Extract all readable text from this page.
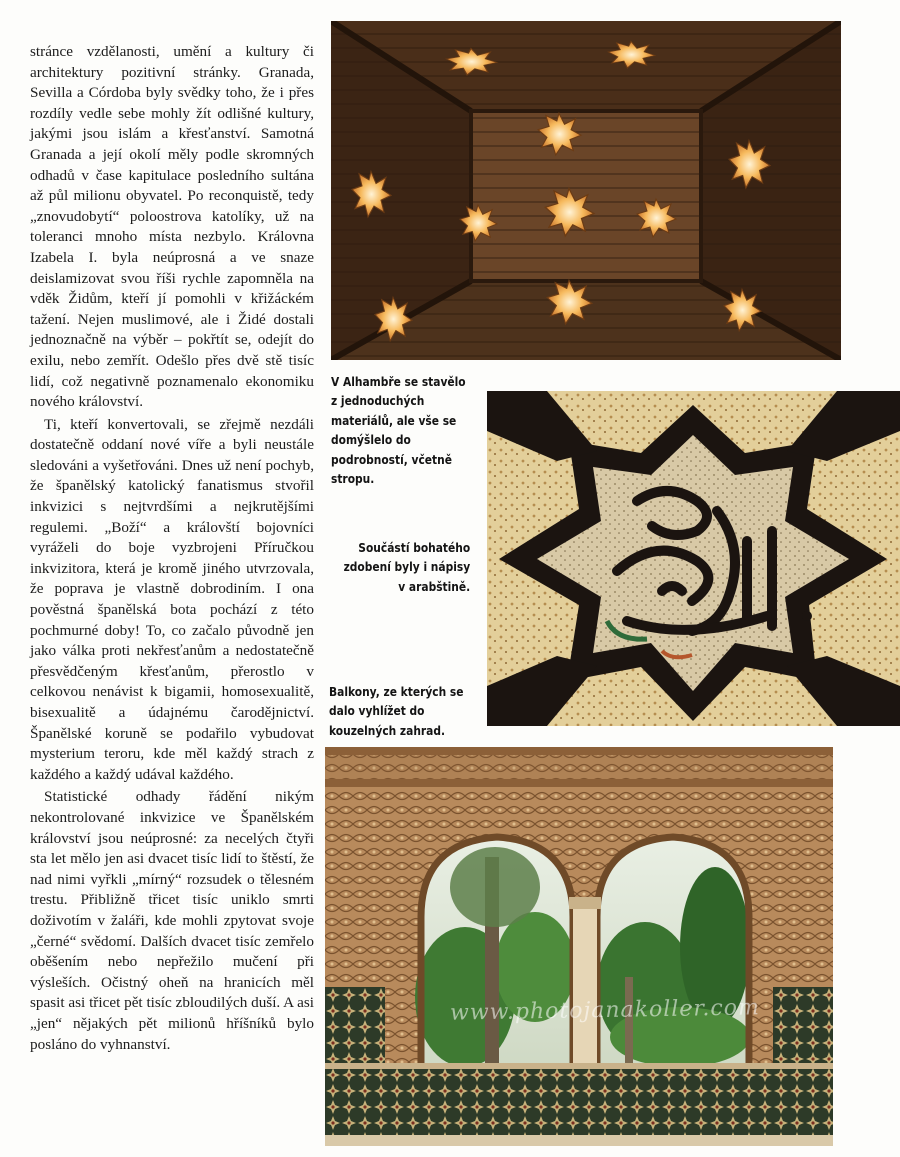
stránce vzdělanosti, umění a kultury či architektury pozitivní stránky. Granada, Sevilla a Córdoba byly svědky toho, že i přes rozdíly vedle sebe mohly žít odlišné kultury, jakými jsou islám a křesťanství. Samotná Granada a její okolí měly podle skromných odhadů v čase kapitulace posledního sultána až půl milionu obyvatel. Po reconquistě, tedy „znovudobytí“ poloostrova katolíky, už na toleranci mnoho místa nezbylo. Královna Izabela I. byla neúprosná a ve snaze deislamizovat svou říši rychle zapomněla na vděk Židům, kteří jí pomohli v křižáckém tažení. Nejen muslimové, ale i Židé dostali jednoznačně na výběr – pokřtít se, odejít do exilu, nebo zemřít. Odešlo přes dvě stě tisíc lidí, což negativně poznamenalo ekonomiku nového království.

Ti, kteří konvertovali, se zřejmě nezdáli dostatečně oddaní nové víře a byli neustále sledováni a vyšetřováni. Dnes už není pochyb, že španělský katolický fanatismus stvořil inkvizici s nejtvrdšími a nejkrutějšími regulemi. „Boží“ a královští bojovníci vyráželi do boje vyzbrojeni Příručkou inkvizitora, která je kromě jiného utvrzovala, že poprava je vlastně dobrodiním. I ona pověstná španělská bota pochází z této pochmurné doby! To, co začalo původně jen jako válka proti nekřesťanům a nedostatečně přesvědčeným křesťanům, přerostlo v celkovou nenávist k bigamii, homosexualitě, bisexualitě a údajnému čarodějnictví. Španělské koruně se podařilo vybudovat mysterium teroru, kde měl každý strach z každého a každý udával každého.

Statistické odhady řádění nikým nekontrolované inkvizice ve Španělském království jsou neúprosné: za necelých čtyři sta let mělo jen asi dvacet tisíc lidí to štěstí, že nad nimi vyřkli „mírný“ rozsudek o tělesném trestu. Přibližně třicet tisíc uniklo smrti doživotím v žaláři, kde mohli zpytovat svoje „černé“ svědomí. Dalších dvacet tisíc zemřelo oběšením nebo nepřežilo mučení při výsleších. Očistný oheň na hranicích měl spasit asi třicet pět tisíc zbloudilých duší. A asi „jen“ nějakých pět milionů hříšníků bylo posláno do vyhnanství.

www.photojanakoller.com
V Alhambře se stavělo
z jednoduchých
materiálů, ale vše se
domýšlelo do
podrobností, včetně
stropu.
Součástí bohatého
zdobení byly i nápisy
v arabštině.
Balkony, ze kterých se
dalo vyhlížet do
kouzelných zahrad.
